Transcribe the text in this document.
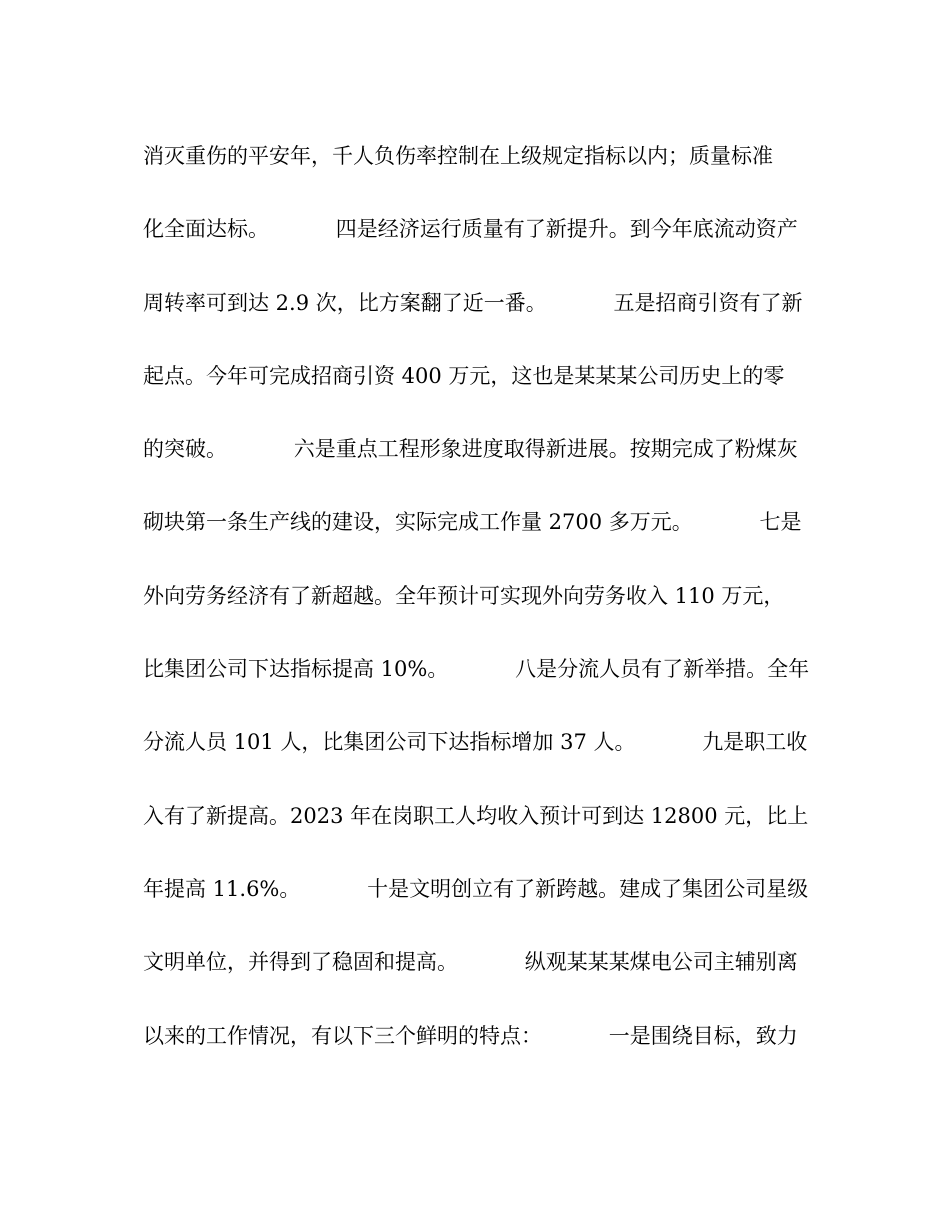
消灭重伤的平安年，千人负伤率控制在上级规定指标以内；质量标准
化全面达标。          四是经济运行质量有了新提升。到今年底流动资产
周转率可到达 2.9 次，比方案翻了近一番。          五是招商引资有了新
起点。今年可完成招商引资 400 万元，这也是某某某公司历史上的零
的突破。          六是重点工程形象进度取得新进展。按期完成了粉煤灰
砌块第一条生产线的建设，实际完成工作量 2700 多万元。          七是
外向劳务经济有了新超越。全年预计可实现外向劳务收入 110 万元，
比集团公司下达指标提高 10%。          八是分流人员有了新举措。全年
分流人员 101 人，比集团公司下达指标增加 37 人。          九是职工收
入有了新提高。2023 年在岗职工人均收入预计可到达 12800 元，比上
年提高 11.6%。          十是文明创立有了新跨越。建成了集团公司星级
文明单位，并得到了稳固和提高。          纵观某某某煤电公司主辅别离
以来的工作情况，有以下三个鲜明的特点：          一是围绕目标，致力
